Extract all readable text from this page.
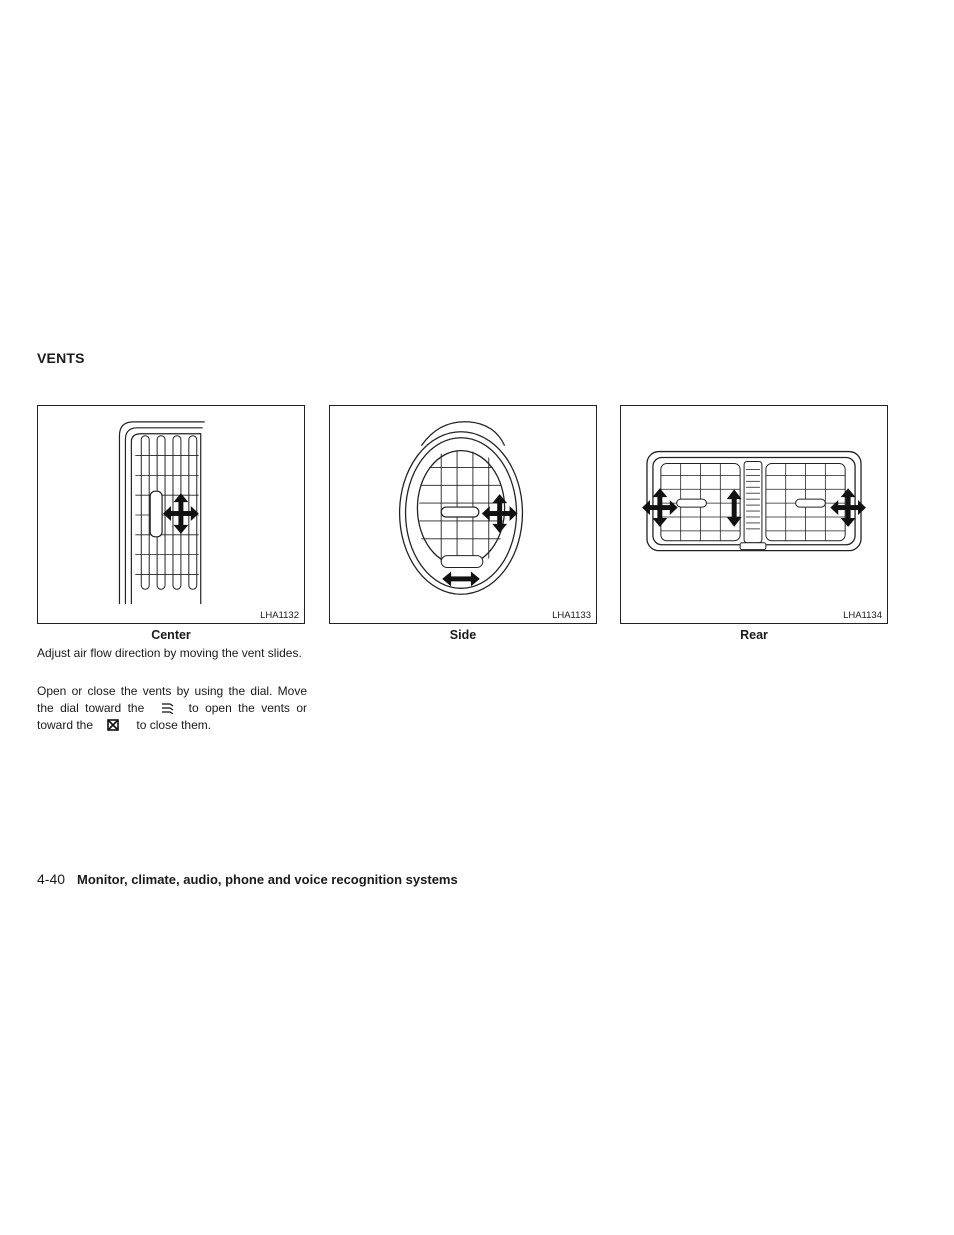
VENTS
LHA1132
Center
LHA1133
Side
LHA1134
Rear
Adjust air flow direction by moving the vent slides.
Open or close the vents by using the dial. Move the dial toward the	to open the vents or toward the	to close them.
4-40 Monitor, climate, audio, phone and voice recognition systems
